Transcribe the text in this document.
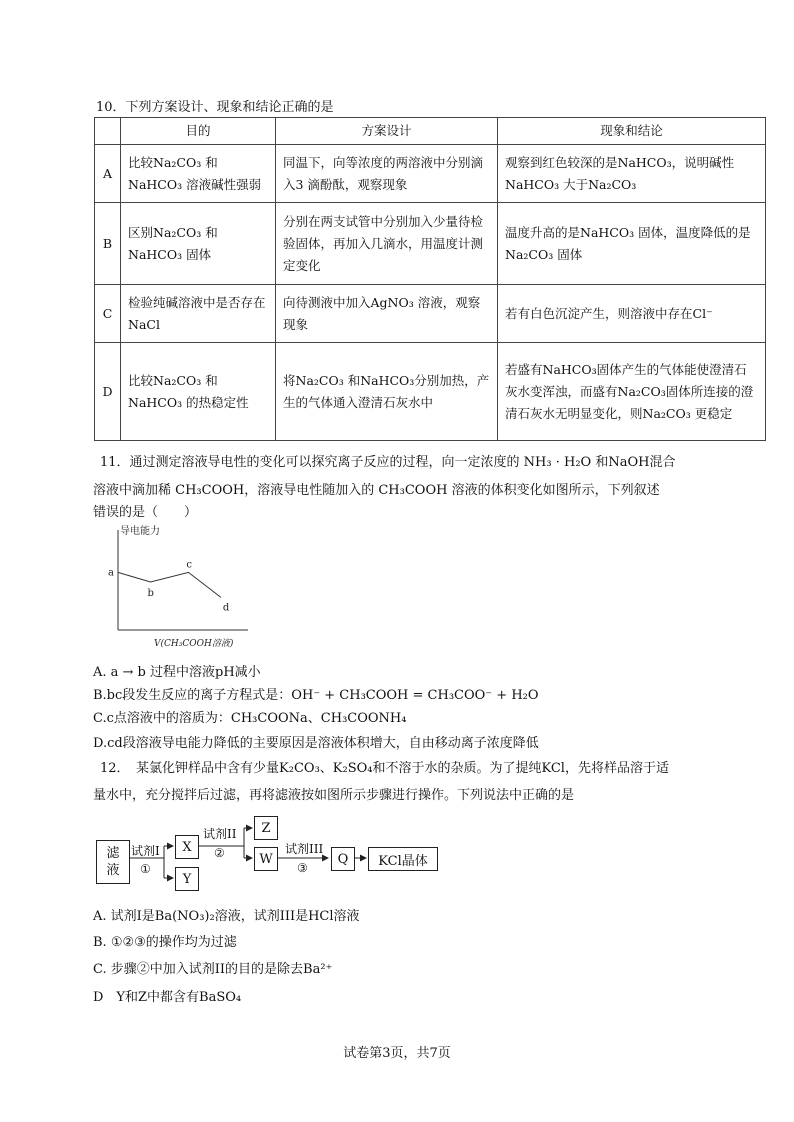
10．下列方案设计、现象和结论正确的是
	目的	方案设计	现象和结论
A	比较Na₂CO₃ 和NaHCO₃ 溶液碱性强弱	同温下，向等浓度的两溶液中分别滴入3 滴酚酞，观察现象	观察到红色较深的是NaHCO₃，说明碱性NaHCO₃ 大于Na₂CO₃
B	区别Na₂CO₃ 和NaHCO₃ 固体	分别在两支试管中分别加入少量待检验固体，再加入几滴水，用温度计测定变化	温度升高的是NaHCO₃ 固体，温度降低的是Na₂CO₃ 固体
C	检验纯碱溶液中是否存在NaCl	向待测液中加入AgNO₃ 溶液，观察现象	若有白色沉淀产生，则溶液中存在Cl⁻
D	比较Na₂CO₃ 和NaHCO₃ 的热稳定性	将Na₂CO₃ 和NaHCO₃分别加热，产生的气体通入澄清石灰水中	若盛有NaHCO₃固体产生的气体能使澄清石灰水变浑浊，而盛有Na₂CO₃固体所连接的澄清石灰水无明显变化，则Na₂CO₃ 更稳定
11．通过测定溶液导电性的变化可以探究离子反应的过程，向一定浓度的 NH₃ · H₂O 和NaOH混合
溶液中滴加稀 CH₃COOH，溶液导电性随加入的 CH₃COOH 溶液的体积变化如图所示，下列叙述
错误的是（　　）
导电能力
V(CH₃COOH溶液)
a
b
c
d
A. a → b 过程中溶液pH减小
B.bc段发生反应的离子方程式是：OH⁻ + CH₃COOH = CH₃COO⁻ + H₂O
C.c点溶液中的溶质为：CH₃COONa、CH₃COONH₄
D.cd段溶液导电能力降低的主要原因是溶液体积增大，自由移动离子浓度降低
12．　某氯化钾样品中含有少量K₂CO₃、K₂SO₄和不溶于水的杂质。为了提纯KCl，先将样品溶于适
量水中，充分搅拌后过滤，再将滤液按如图所示步骤进行操作。下列说法中正确的是
滤
液
试剂I
①
X
Y
试剂II
②
Z
W
试剂III
③
Q	KCl晶体
A. 试剂I是Ba(NO₃)₂溶液，试剂III是HCl溶液
B. ①②③的操作均为过滤
C. 步骤②中加入试剂II的目的是除去Ba²⁺
D　Y和Z中都含有BaSO₄
试卷第3页，共7页
